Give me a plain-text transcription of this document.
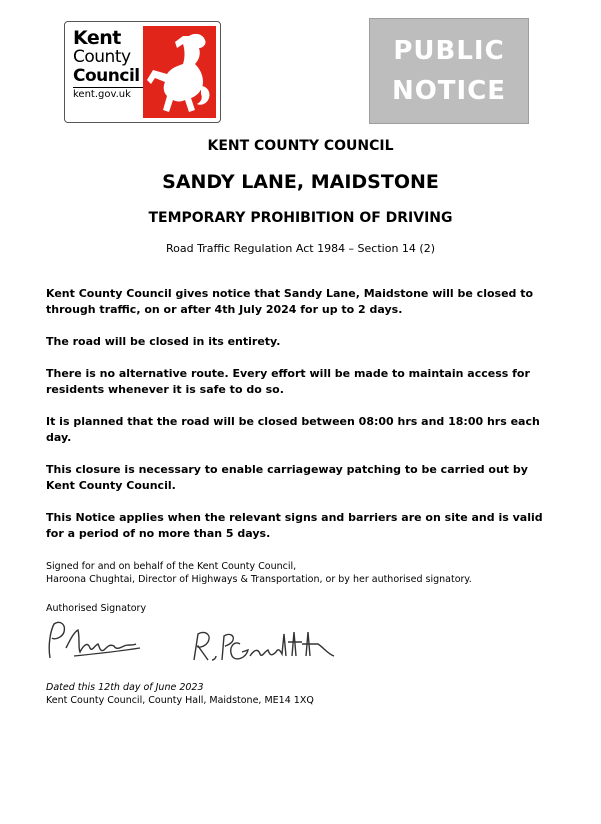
Kent
County
Council
kent.gov.uk
PUBLIC
NOTICE
KENT COUNTY COUNCIL
SANDY LANE, MAIDSTONE
TEMPORARY PROHIBITION OF DRIVING
Road Traffic Regulation Act 1984 – Section 14 (2)

Kent County Council gives notice that Sandy Lane, Maidstone will be closed to through traffic, on or after 4th July 2024 for up to 2 days.

The road will be closed in its entirety.

There is no alternative route. Every effort will be made to maintain access for residents whenever it is safe to do so.

It is planned that the road will be closed between 08:00 hrs and 18:00 hrs each day.

This closure is necessary to enable carriageway patching to be carried out by Kent County Council.

This Notice applies when the relevant signs and barriers are on site and is valid for a period of no more than 5 days.

Signed for and on behalf of the Kent County Council,
Haroona Chughtai, Director of Highways & Transportation, or by her authorised signatory.
Authorised Signatory
Dated this 12th day of June 2023
Kent County Council, County Hall, Maidstone, ME14 1XQ
